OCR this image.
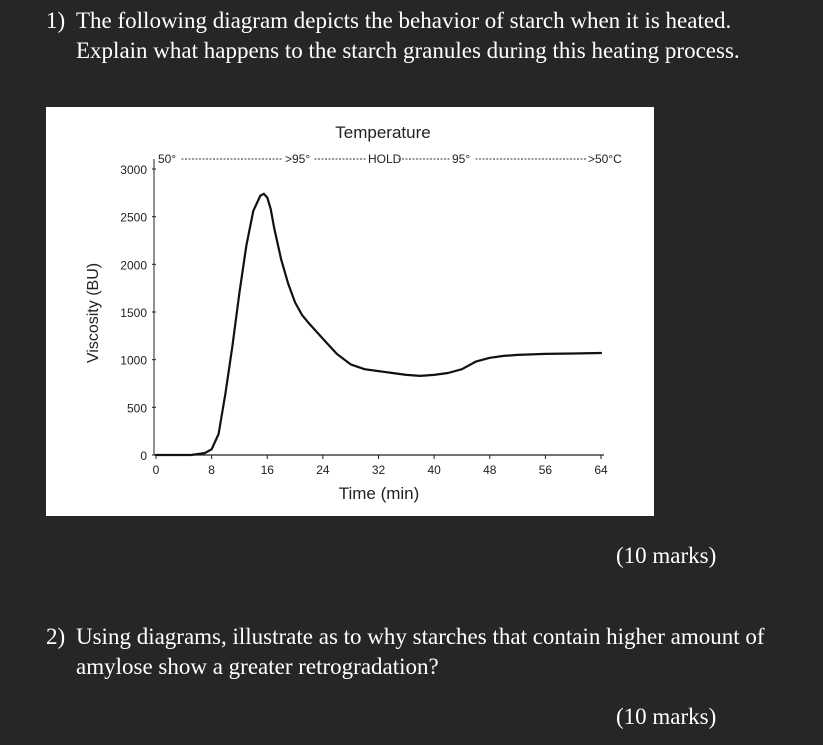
1) The following diagram depicts the behavior of starch when it is heated.
Explain what happens to the starch granules during this heating process.
0
500
1000
1500
2000
2500
3000
0	8	16	24	32	40	48	56	64
Temperature
50°	>95°	HOLD	95°	>50°C
Time (min)
Viscosity (BU)
(10 marks)
2) Using diagrams, illustrate as to why starches that contain higher amount of
amylose show a greater retrogradation?
(10 marks)
